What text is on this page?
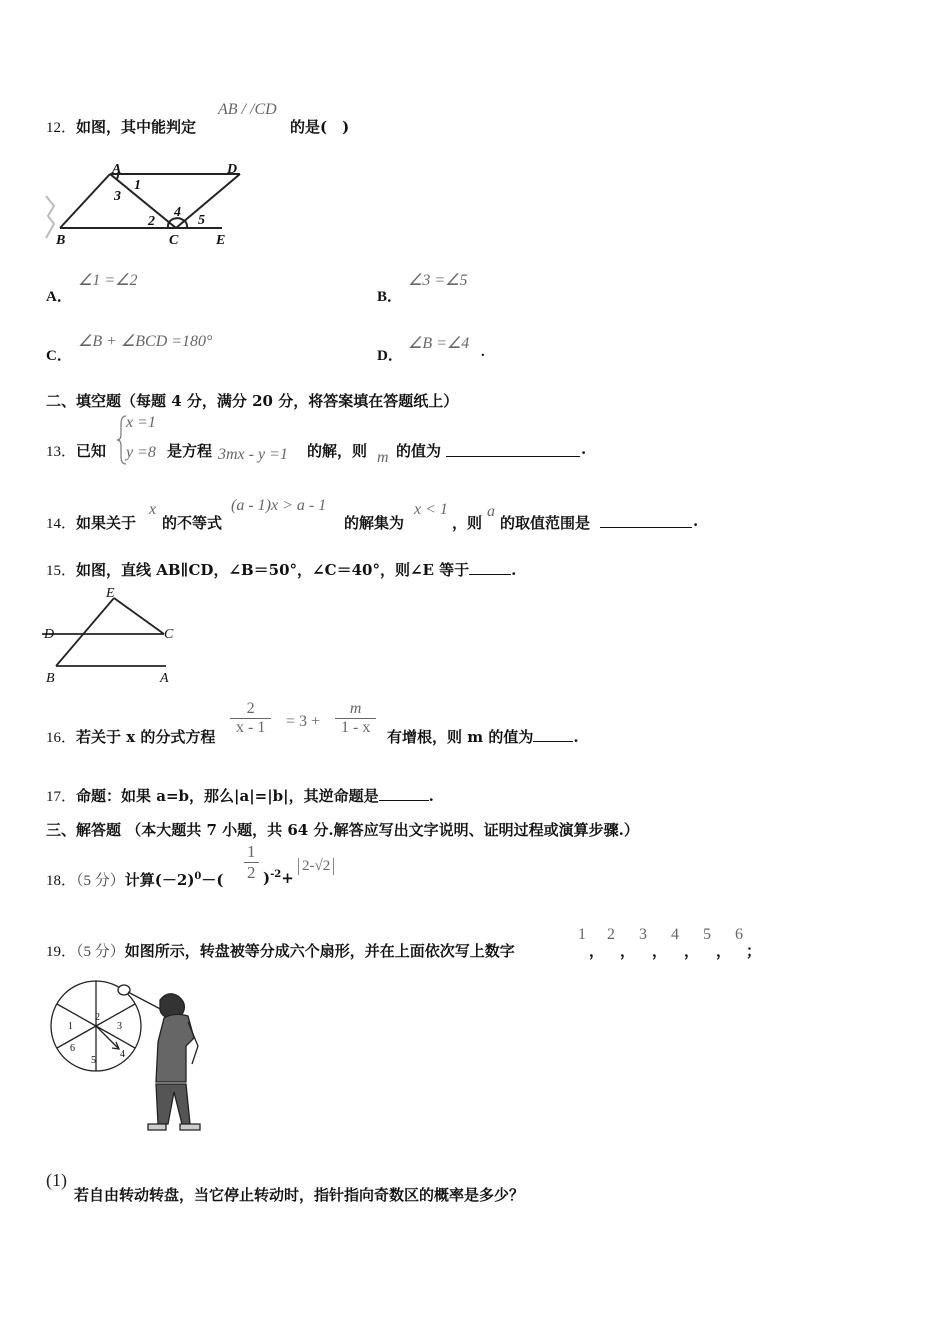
12．如图，其中能判定
AB / /CD
的是(　)
A	D
1
3
2
4
5
B	C	E
A．
∠1 =∠2
B．
∠3 =∠5
C．
∠B + ∠BCD =180°
D．
∠B =∠4 .
二、填空题（每题 4 分，满分 20 分，将答案填在答题纸上）
13．已知
x =1
y =8 是方程 3mx - y =1 的解，则 m 的值为	.
14．如果关于
x
的不等式
(a - 1)x > a - 1
的解集为
x < 1
，则
a
的取值范围是	.
15．如图，直线 AB∥CD，∠B＝50°，∠C＝40°，则∠E 等于	.
E
D	C
B	A
16．若关于 x 的分式方程 $\frac{2}{x - 1} = 3 + \frac{m}{1 - x}$ 有增根，则 m 的值为	.
17．命题：如果 a=b，那么|a|=|b|，其逆命题是	.
三、解答题 （本大题共 7 小题，共 64 分.解答应写出文字说明、证明过程或演算步骤.）
18．（5 分）计算$(-2)^0-( \frac{1}{2} )^{-2}+$
2-√2
19．（5 分）如图所示，转盘被等分成六个扇形，并在上面依次写上数字
1
，
2
，
3
，
4
，
5
，
6
；
1
2
3
4
5
6
(1)
若自由转动转盘，当它停止转动时，指针指向奇数区的概率是多少？
